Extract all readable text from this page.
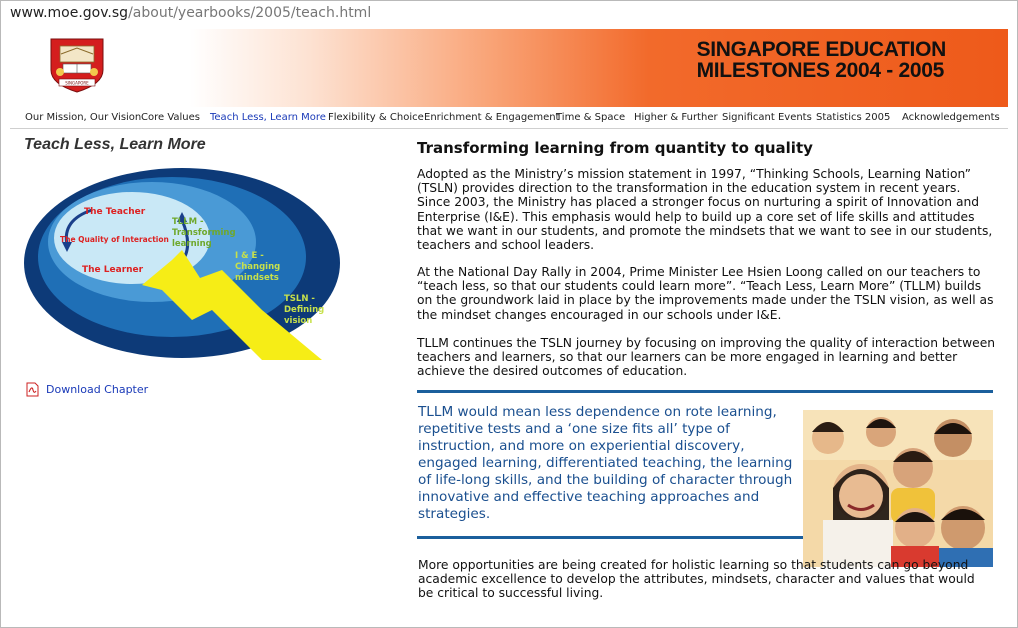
www.moe.gov.sg/about/yearbooks/2005/teach.html
SINGAPORE
SINGAPORE EDUCATION
MILESTONES 2004 - 2005
Our Mission, Our Vision Core Values Teach Less, Learn More Flexibility & Choice Enrichment & Engagement
Time & Space Higher & Further Significant Events Statistics 2005 Acknowledgements
Teach Less, Learn More
The Teacher
The Quality of Interaction
The Learner
TLLM -
Transforming
learning
I & E -
Changing
mindsets
TSLN -
Defining
vision
Download Chapter
Transforming learning from quantity to quality
Adopted as the Ministry’s mission statement in 1997, “Thinking Schools, Learning Nation” (TSLN) provides direction to the transformation in the education system in recent years. Since 2003, the Ministry has placed a stronger focus on nurturing a spirit of Innovation and Enterprise (I&E). This emphasis would help to build up a core set of life skills and attitudes that we want in our students, and promote the mindsets that we want to see in our students, teachers and school leaders.
At the National Day Rally in 2004, Prime Minister Lee Hsien Loong called on our teachers to “teach less, so that our students could learn more”. “Teach Less, Learn More” (TLLM) builds on the groundwork laid in place by the improvements made under the TSLN vision, as well as the mindset changes encouraged in our schools under I&E.
TLLM continues the TSLN journey by focusing on improving the quality of interaction between teachers and learners, so that our learners can be more engaged in learning and better achieve the desired outcomes of education.
TLLM would mean less dependence on rote learning, repetitive tests and a ‘one size fits all’ type of instruction, and more on experiential discovery, engaged learning, differentiated teaching, the learning of life-long skills, and the building of character through innovative and effective teaching approaches and strategies.
More opportunities are being created for holistic learning so that students can go beyond academic excellence to develop the attributes, mindsets, character and values that would be critical to successful living.
